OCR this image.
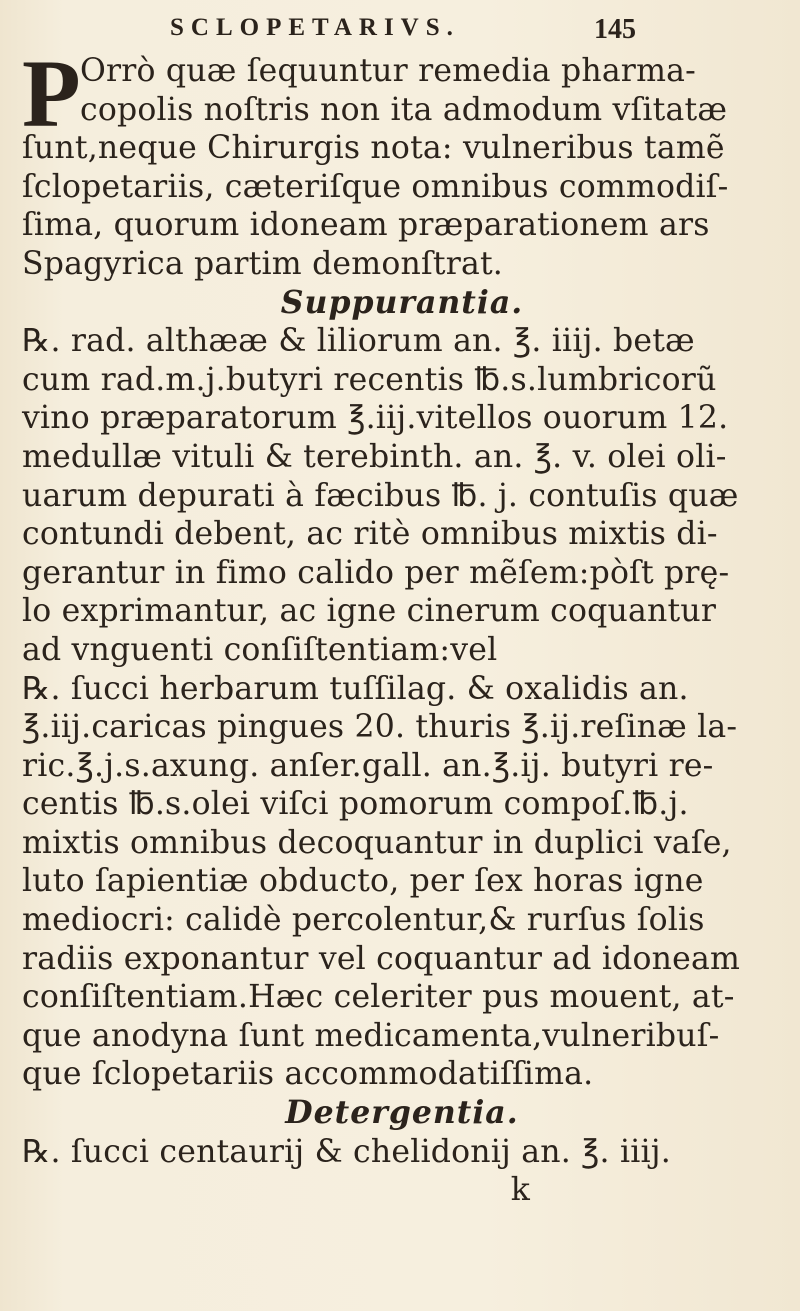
SCLOPETARIVS.	145
P Orrò quæ ſequuntur remedia pharma-
copolis noſtris non ita admodum vſitatæ
ſunt,neque Chirurgis nota: vulneribus tamẽ
ſclopetariis, cæteriſque omnibus commodiſ-
ſima, quorum idoneam præparationem ars
Spagyrica partim demonſtrat.
Suppurantia.
℞. rad. althææ & liliorum an. ℥. iiij. betæ
cum rad.m.j.butyri recentis ℔.s.lumbricorũ
vino præparatorum ℥.iij.vitellos ouorum 12.
medullæ vituli & terebinth. an. ℥. v. olei oli-
uarum depurati à fæcibus ℔. j. contuſis quæ
contundi debent, ac ritè omnibus mixtis di-
gerantur in fimo calido per mẽſem:pòſt prę-
lo exprimantur, ac igne cinerum coquantur
ad vnguenti conſiſtentiam:vel
℞. ſucci herbarum tuſſilag. & oxalidis an.
℥.iij.caricas pingues 20. thuris ℥.ij.reſinæ la-
ric.℥.j.s.axung. anſer.gall. an.℥.ij. butyri re-
centis ℔.s.olei viſci pomorum compoſ.℔.j.
mixtis omnibus decoquantur in duplici vaſe,
luto ſapientiæ obducto, per ſex horas igne
mediocri: calidè percolentur,& rurſus ſolis
radiis exponantur vel coquantur ad idoneam
conſiſtentiam.Hæc celeriter pus mouent, at-
que anodyna ſunt medicamenta,vulneribuſ-
que ſclopetariis accommodatiſſima.
Detergentia.
℞. ſucci centaurij & chelidonij an. ℥. iiij.
k
